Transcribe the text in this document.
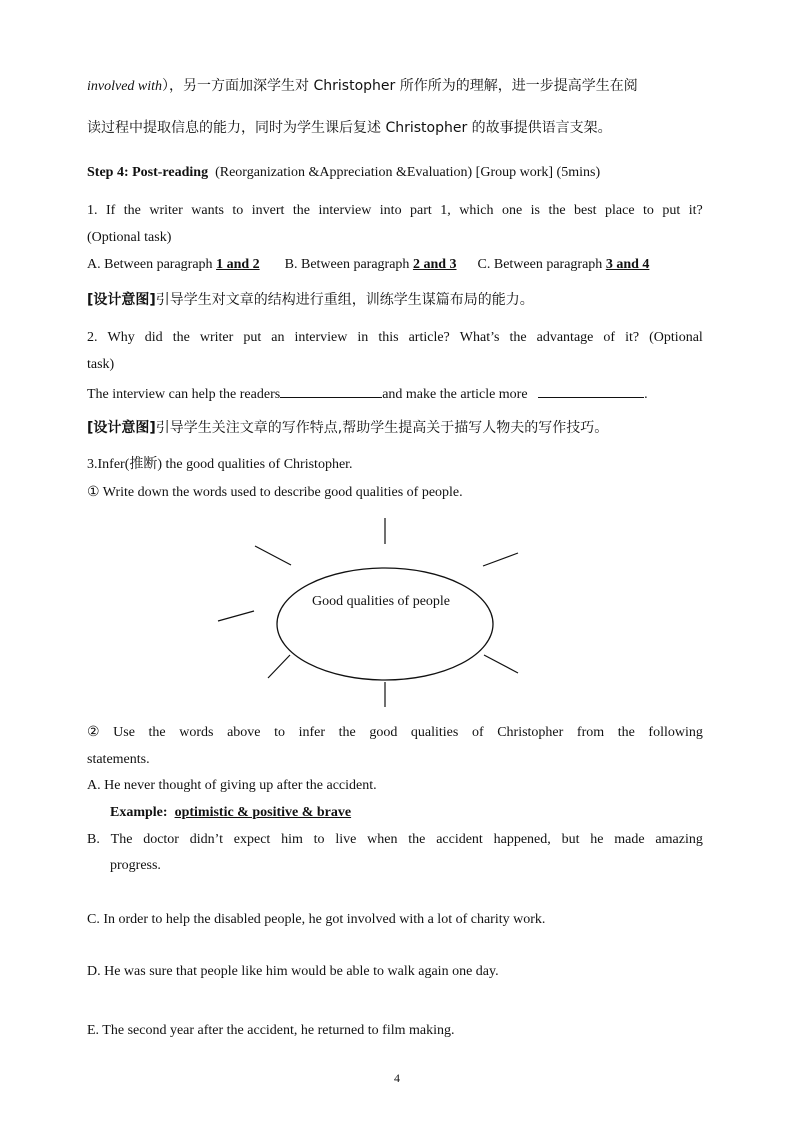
involved with），另一方面加深学生对 Christopher 所作所为的理解，进一步提高学生在阅
读过程中提取信息的能力，同时为学生课后复述 Christopher 的故事提供语言支架。
Step 4: Post-reading (Reorganization &Appreciation &Evaluation) [Group work] (5mins)
1. If the writer wants to invert the interview into part 1, which one is the best place to put it?
(Optional task)
A. Between paragraph 1 and 2 B. Between paragraph 2 and 3 C. Between paragraph 3 and 4
[设计意图]引导学生对文章的结构进行重组，训练学生谋篇布局的能力。
2. Why did the writer put an interview in this article? What’s the advantage of it? (Optional
task)
The interview can help the readers	and make the article more	.
[设计意图]引导学生关注文章的写作特点,帮助学生提高关于描写人物夫的写作技巧。
3.Infer(推断) the good qualities of Christopher.
① Write down the words used to describe good qualities of people.
Good qualities of people
② Use the words above to infer the good qualities of Christopher from the following
statements.
A. He never thought of giving up after the accident.
Example: optimistic & positive & brave
B. The doctor didn’t expect him to live when the accident happened, but he made amazing
progress.
C. In order to help the disabled people, he got involved with a lot of charity work.
D. He was sure that people like him would be able to walk again one day.
E. The second year after the accident, he returned to film making.
4
